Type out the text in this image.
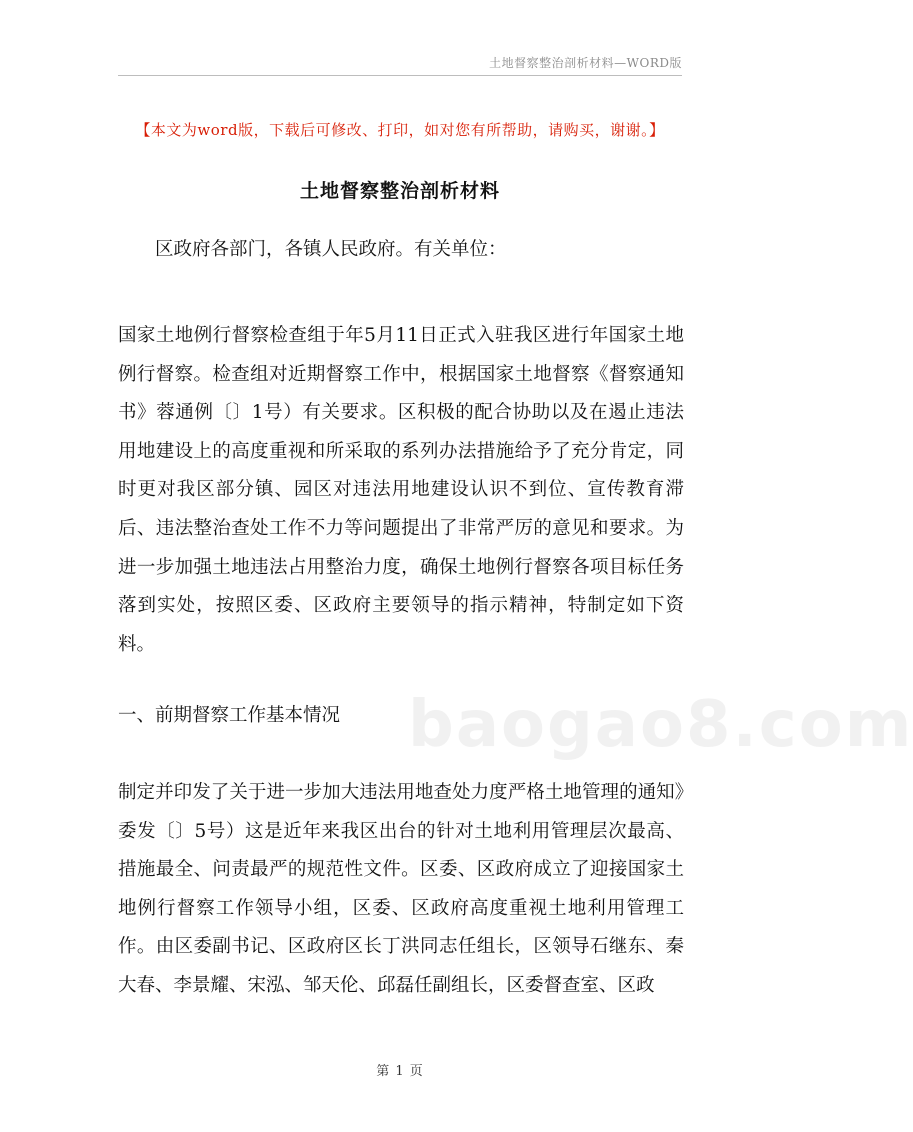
土地督察整治剖析材料—WORD版
【本文为word版，下载后可修改、打印，如对您有所帮助，请购买，谢谢。】
土地督察整治剖析材料
区政府各部门，各镇人民政府。有关单位：
国家土地例行督察检查组于年5月11日正式入驻我区进行年国家土地例行督察。检查组对近期督察工作中，根据国家土地督察《督察通知书》蓉通例〔〕1号）有关要求。区积极的配合协助以及在遏止违法用地建设上的高度重视和所采取的系列办法措施给予了充分肯定，同时更对我区部分镇、园区对违法用地建设认识不到位、宣传教育滞后、违法整治查处工作不力等问题提出了非常严厉的意见和要求。为进一步加强土地违法占用整治力度，确保土地例行督察各项目标任务落到实处，按照区委、区政府主要领导的指示精神，特制定如下资料。
一、前期督察工作基本情况
制定并印发了关于进一步加大违法用地查处力度严格土地管理的通知》委发〔〕5号）这是近年来我区出台的针对土地利用管理层次最高、措施最全、问责最严的规范性文件。区委、区政府成立了迎接国家土地例行督察工作领导小组，区委、区政府高度重视土地利用管理工作。由区委副书记、区政府区长丁洪同志任组长，区领导石继东、秦大春、李景耀、宋泓、邹天伦、邱磊任副组长，区委督查室、区政
baogao8.com
第 1 页
